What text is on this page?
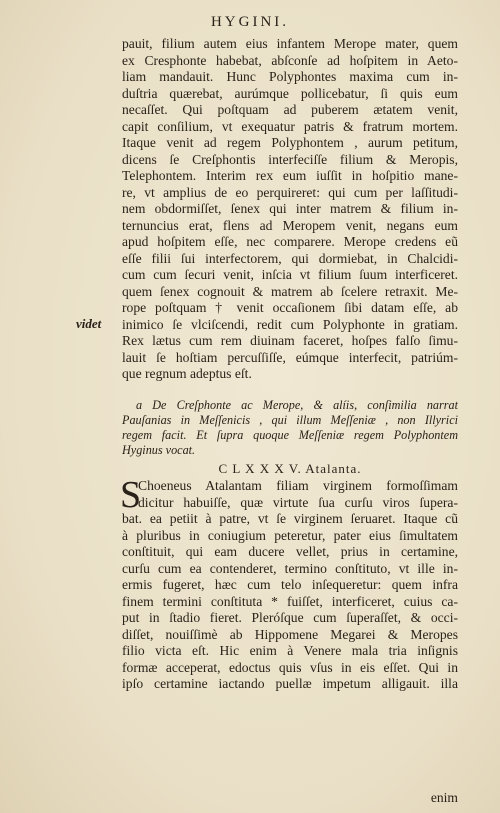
HYGINI.
pauit, filium autem eius infantem Merope mater, quem
ex Cresphonte habebat, abſconſe ad hoſpitem in Aeto-
liam mandauit. Hunc Polyphontes maxima cum in-
duſtria quærebat, aurúmque pollicebatur, ſi quis eum
necaſſet. Qui poſtquam ad puberem ætatem venit,
capit conſilium, vt exequatur patris & fratrum mortem.
Itaque venit ad regem Polyphontem , aurum petitum,
dicens ſe Creſphontis interfeciſſe filium & Meropis,
Telephontem. Interim rex eum iuſſit in hoſpitio mane-
re, vt amplius de eo perquireret: qui cum per laſſitudi-
nem obdormiſſet, ſenex qui inter matrem & filium in-
ternuncius erat, flens ad Meropem venit, negans eum
apud hoſpitem eſſe, nec comparere. Merope credens eũ
eſſe filii ſui interfectorem, qui dormiebat, in Chalcidi-
cum cum ſecuri venit, inſcia vt filium ſuum interficeret.
quem ſenex cognouit & matrem ab ſcelere retraxit. Me-
rope poſtquam † venit occaſionem ſibi datam eſſe, ab
inimico ſe vlciſcendi, redit cum Polyphonte in gratiam.
Rex lætus cum rem diuinam faceret, hoſpes falſo ſimu-
lauit ſe hoſtiam percuſſiſſe, eúmque interfecit, patriúm-
que regnum adeptus eſt.
videt
a De Creſphonte ac Merope, & alíis, conſimilia narrat
Pauſanias in Meſſenicis , qui illum Meſſeniæ , non Illyrici
regem facit. Et ſupra quoque Meſſeniæ regem Polyphontem
Hyginus vocat.
C L X X X V. Atalanta.
S
Choeneus Atalantam filiam virginem formoſſimam
dicitur habuiſſe, quæ virtute ſua curſu viros ſupera-
bat. ea petiit à patre, vt ſe virginem ſeruaret. Itaque cũ
à pluribus in coniugium peteretur, pater eius ſimultatem
conſtituit, qui eam ducere vellet, prius in certamine,
curſu cum ea contenderet, termino conſtituto, vt ille in-
ermis fugeret, hæc cum telo inſequeretur: quem infra
finem termini conſtituta * fuiſſet, interficeret, cuius ca-
put in ſtadio fieret. Pleróſque cum ſuperaſſet, & occi-
diſſet, nouiſſimè ab Hippomene Megarei & Meropes
filio victa eſt. Hic enim à Venere mala tria inſignis
formæ acceperat, edoctus quis vſus in eis eſſet. Qui in
ipſo certamine iactando puellæ impetum alligauit. illa
enim
